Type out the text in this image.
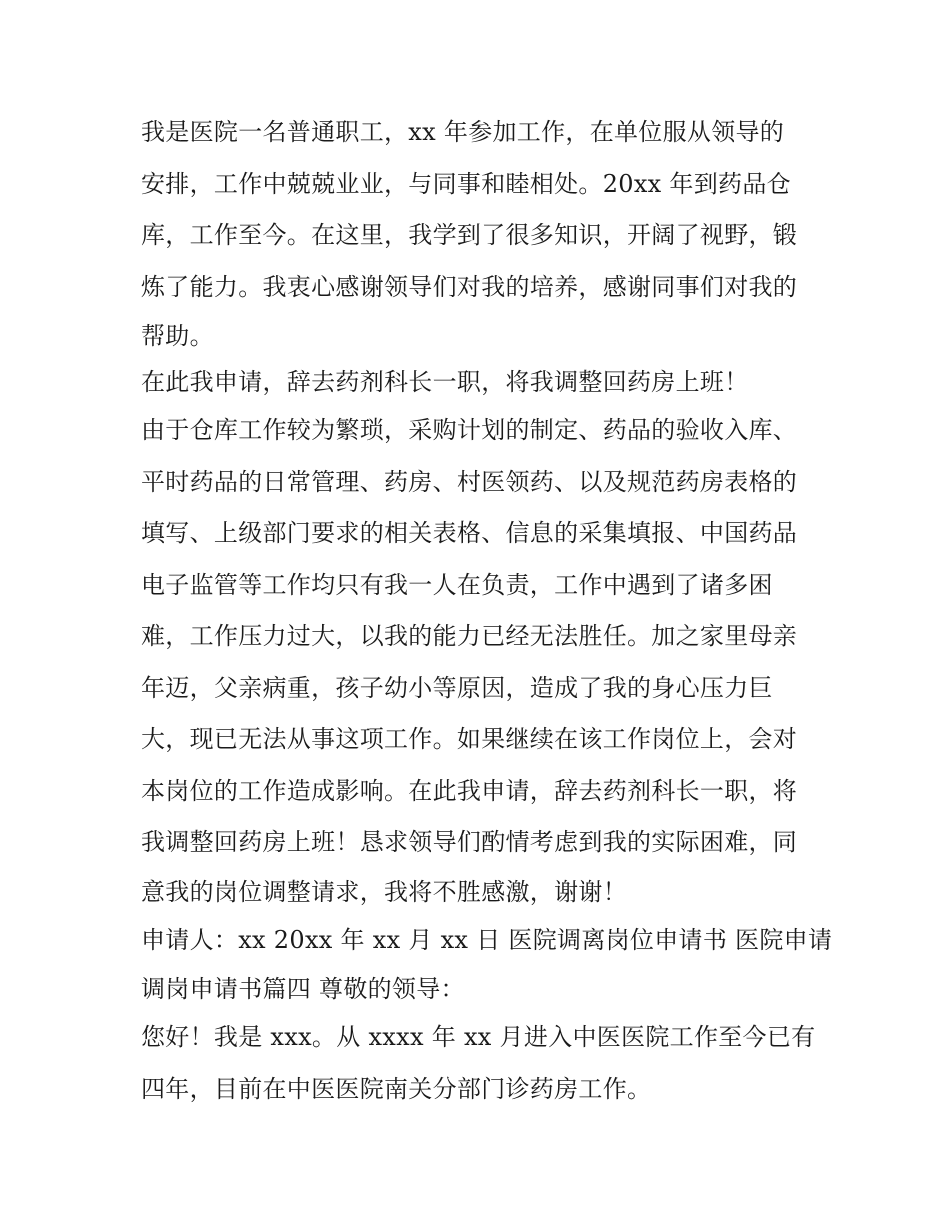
我是医院一名普通职工，xx 年参加工作，在单位服从领导的
安排，工作中兢兢业业，与同事和睦相处。20xx 年到药品仓
库，工作至今。在这里，我学到了很多知识，开阔了视野，锻
炼了能力。我衷心感谢领导们对我的培养，感谢同事们对我的
帮助。
在此我申请，辞去药剂科长一职，将我调整回药房上班！
由于仓库工作较为繁琐，采购计划的制定、药品的验收入库、
平时药品的日常管理、药房、村医领药、以及规范药房表格的
填写、上级部门要求的相关表格、信息的采集填报、中国药品
电子监管等工作均只有我一人在负责，工作中遇到了诸多困
难，工作压力过大，以我的能力已经无法胜任。加之家里母亲
年迈，父亲病重，孩子幼小等原因，造成了我的身心压力巨
大，现已无法从事这项工作。如果继续在该工作岗位上，会对
本岗位的工作造成影响。在此我申请，辞去药剂科长一职，将
我调整回药房上班！恳求领导们酌情考虑到我的实际困难，同
意我的岗位调整请求，我将不胜感激，谢谢！
申请人：xx 20xx 年 xx 月 xx 日 医院调离岗位申请书 医院申请
调岗申请书篇四 尊敬的领导：
您好！我是 xxx。从 xxxx 年 xx 月进入中医医院工作至今已有
四年，目前在中医医院南关分部门诊药房工作。
